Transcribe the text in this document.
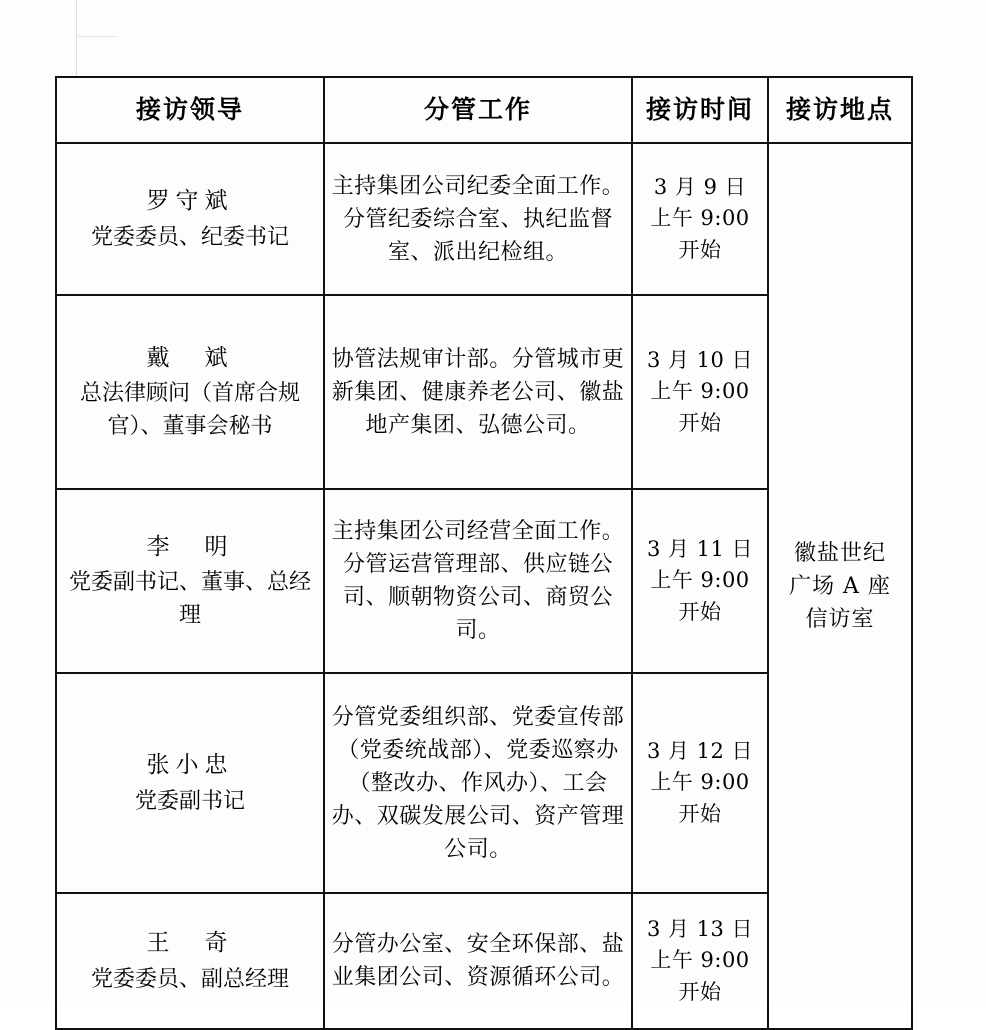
接访领导	分管工作	接访时间	接访地点

罗守斌
党委委员、纪委书记	主持集团公司纪委全面工作。分管纪委综合室、执纪监督室、派出纪检组。	3 月 9 日
上午 9:00
开始	徽盐世纪
广场 A 座
信访室

戴　斌
总法律顾问（首席合规官）、董事会秘书	协管法规审计部。分管城市更新集团、健康养老公司、徽盐地产集团、弘德公司。	3 月 10 日
上午 9:00
开始	

李　明
党委副书记、董事、总经理	主持集团公司经营全面工作。分管运营管理部、供应链公司、顺朝物资公司、商贸公司。	3 月 11 日
上午 9:00
开始	

张小忠
党委副书记	分管党委组织部、党委宣传部（党委统战部）、党委巡察办（整改办、作风办）、工会办、双碳发展公司、资产管理公司。	3 月 12 日
上午 9:00
开始	

王　奇
党委委员、副总经理	分管办公室、安全环保部、盐业集团公司、资源循环公司。	3 月 13 日
上午 9:00
开始	
